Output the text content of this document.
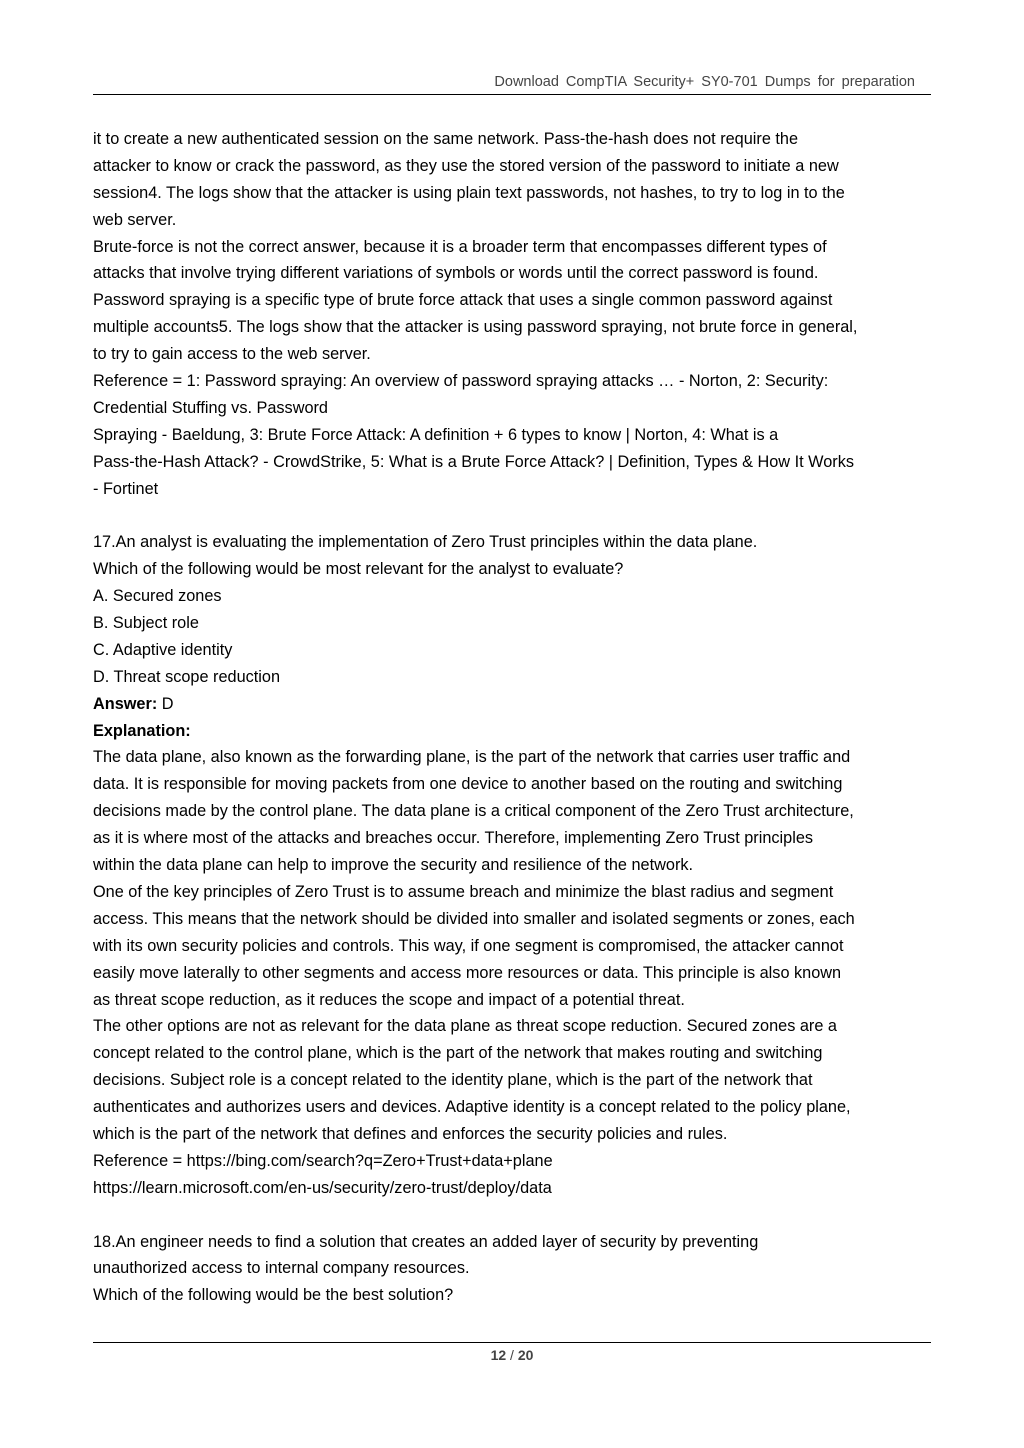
Download CompTIA Security+ SY0-701 Dumps for preparation
it to create a new authenticated session on the same network. Pass-the-hash does not require the
attacker to know or crack the password, as they use the stored version of the password to initiate a new
session4. The logs show that the attacker is using plain text passwords, not hashes, to try to log in to the
web server.
Brute-force is not the correct answer, because it is a broader term that encompasses different types of
attacks that involve trying different variations of symbols or words until the correct password is found.
Password spraying is a specific type of brute force attack that uses a single common password against
multiple accounts5. The logs show that the attacker is using password spraying, not brute force in general,
to try to gain access to the web server.
Reference = 1: Password spraying: An overview of password spraying attacks … - Norton, 2: Security:
Credential Stuffing vs. Password
Spraying - Baeldung, 3: Brute Force Attack: A definition + 6 types to know | Norton, 4: What is a
Pass-the-Hash Attack? - CrowdStrike, 5: What is a Brute Force Attack? | Definition, Types & How It Works
- Fortinet
17.An analyst is evaluating the implementation of Zero Trust principles within the data plane.
Which of the following would be most relevant for the analyst to evaluate?
A. Secured zones
B. Subject role
C. Adaptive identity
D. Threat scope reduction
Answer: D
Explanation:
The data plane, also known as the forwarding plane, is the part of the network that carries user traffic and
data. It is responsible for moving packets from one device to another based on the routing and switching
decisions made by the control plane. The data plane is a critical component of the Zero Trust architecture,
as it is where most of the attacks and breaches occur. Therefore, implementing Zero Trust principles
within the data plane can help to improve the security and resilience of the network.
One of the key principles of Zero Trust is to assume breach and minimize the blast radius and segment
access. This means that the network should be divided into smaller and isolated segments or zones, each
with its own security policies and controls. This way, if one segment is compromised, the attacker cannot
easily move laterally to other segments and access more resources or data. This principle is also known
as threat scope reduction, as it reduces the scope and impact of a potential threat.
The other options are not as relevant for the data plane as threat scope reduction. Secured zones are a
concept related to the control plane, which is the part of the network that makes routing and switching
decisions. Subject role is a concept related to the identity plane, which is the part of the network that
authenticates and authorizes users and devices. Adaptive identity is a concept related to the policy plane,
which is the part of the network that defines and enforces the security policies and rules.
Reference = https://bing.com/search?q=Zero+Trust+data+plane
https://learn.microsoft.com/en-us/security/zero-trust/deploy/data
18.An engineer needs to find a solution that creates an added layer of security by preventing
unauthorized access to internal company resources.
Which of the following would be the best solution?
12 / 20
